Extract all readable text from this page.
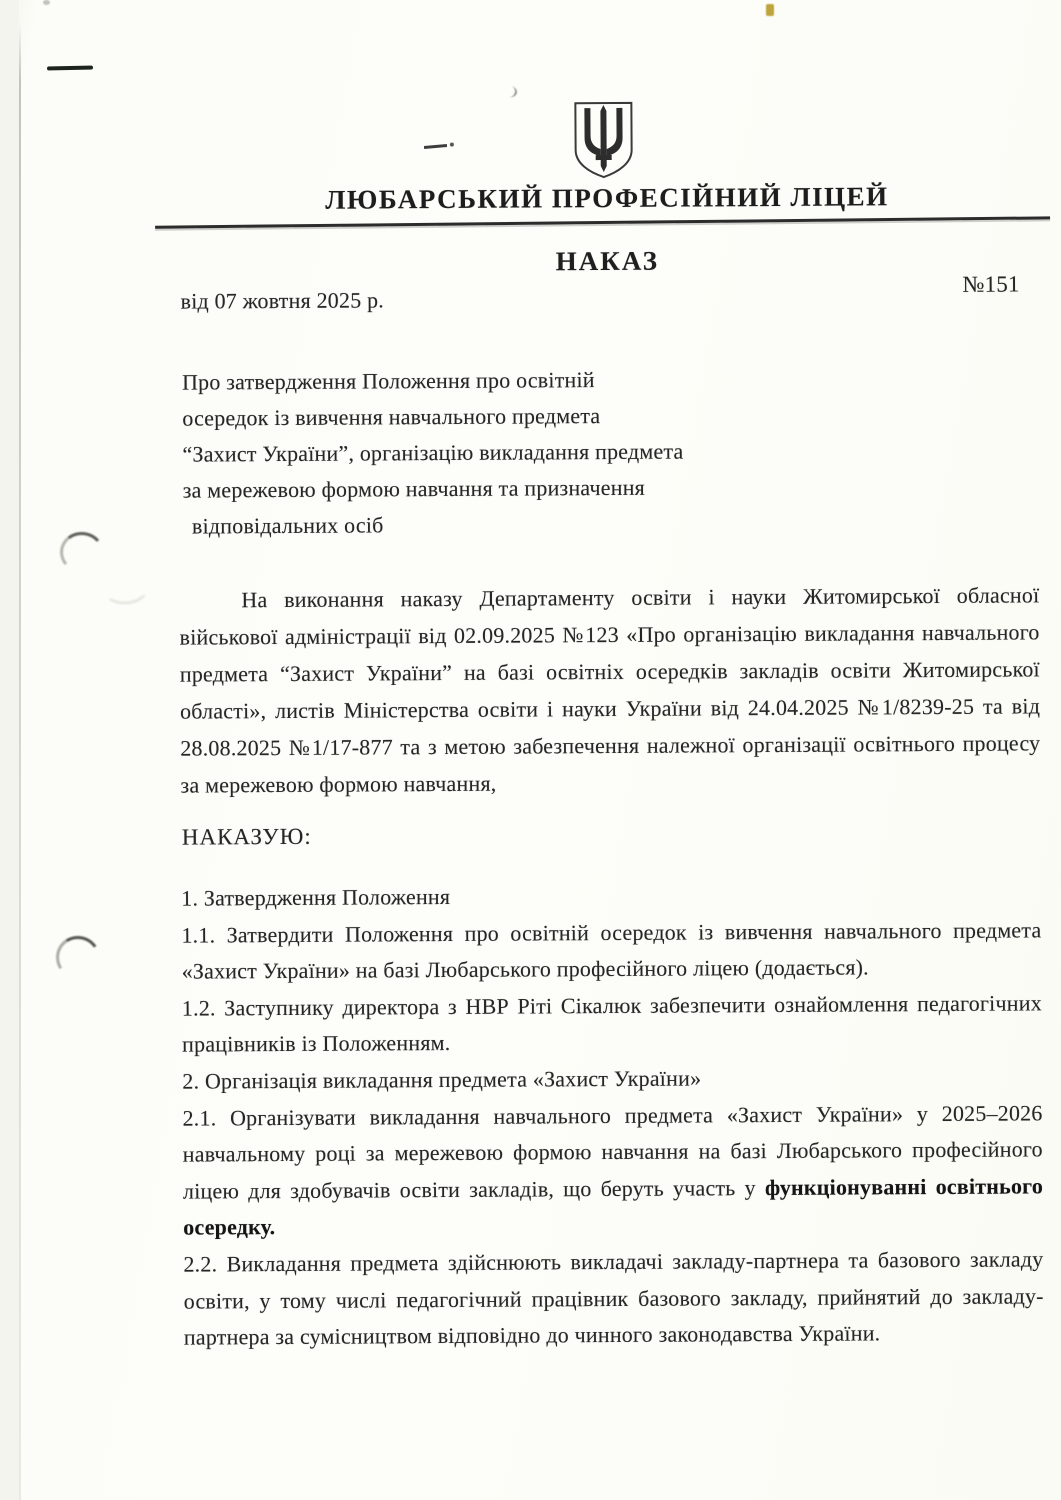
ЛЮБАРСЬКИЙ ПРОФЕСІЙНИЙ ЛІЦЕЙ
НАКАЗ
від 07 жовтня 2025 р.
№151
Про затвердження Положення про освітній
осередок із вивчення навчального предмета
“Захист України”, організацію викладання предмета
за мережевою формою навчання та призначення
відповідальних осіб
На виконання наказу Департаменту освіти і науки Житомирської обласної військової адміністрації від 02.09.2025 №123 «Про організацію викладання навчального предмета “Захист України” на базі освітніх осередків закладів освіти Житомирської області», листів Міністерства освіти і науки України від 24.04.2025 №1/8239-25 та від 28.08.2025 №1/17-877 та з метою забезпечення належної організації освітнього процесу за мережевою формою навчання,
НАКАЗУЮ:

1. Затвердження Положення

1.1. Затвердити Положення про освітній осередок із вивчення навчального предмета «Захист України» на базі Любарського професійного ліцею (додається).

1.2. Заступнику директора з НВР Ріті Сікалюк забезпечити ознайомлення педагогічних працівників із Положенням.

2. Організація викладання предмета «Захист України»

2.1. Організувати викладання навчального предмета «Захист України» у 2025–2026 навчальному році за мережевою формою навчання на базі Любарського професійного ліцею для здобувачів освіти закладів, що беруть участь у функціонуванні освітнього осередку.

2.2. Викладання предмета здійснюють викладачі закладу-партнера та базового закладу освіти, у тому числі педагогічний працівник базового закладу, прийнятий до закладу-партнера за сумісництвом відповідно до чинного законодавства України.
